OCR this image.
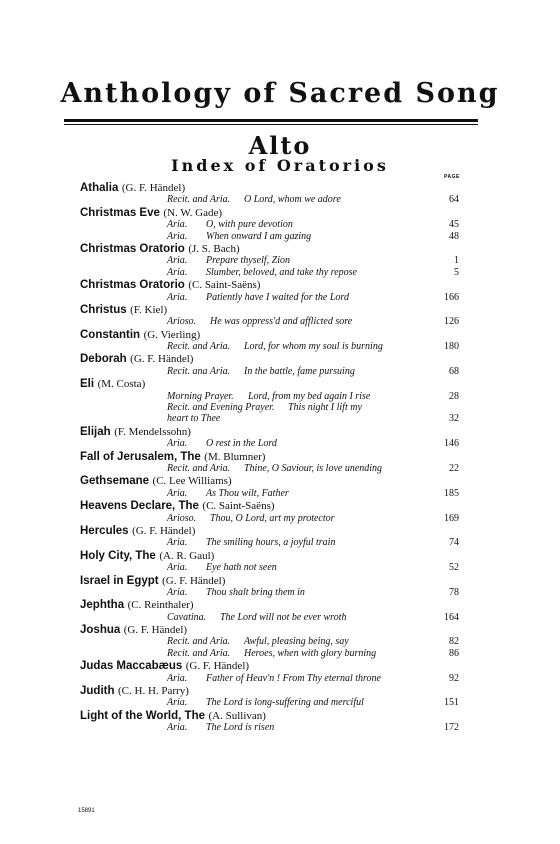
Anthology of Sacred Song
Alto
Index of Oratorios
PAGE
Athalia (G. F. Händel)
Recit. and Aria. O Lord, whom we adore	64
Christmas Eve (N. W. Gade)
Aria. O, with pure devotion	45
Aria. When onward I am gazing	48
Christmas Oratorio (J. S. Bach)
Aria. Prepare thyself, Zion	1
Aria. Slumber, beloved, and take thy repose	5
Christmas Oratorio (C. Saint-Saëns)
Aria. Patiently have I waited for the Lord	166
Christus (F. Kiel)
Arioso. He was oppress'd and afflicted sore	126
Constantin (G. Vierling)
Recit. and Aria. Lord, for whom my soul is burning	180
Deborah (G. F. Händel)
Recit. ana Aria. In the battle, fame pursuing	68
Eli (M. Costa)
Morning Prayer. Lord, from my bed again I rise	28
Recit. and Evening Prayer. This night I lift my
heart to Thee	32
Elijah (F. Mendelssohn)
Aria. O rest in the Lord	146
Fall of Jerusalem, The (M. Blumner)
Recit. and Aria. Thine, O Saviour, is love unending	22
Gethsemane (C. Lee Williams)
Aria. As Thou wilt, Father	185
Heavens Declare, The (C. Saint-Saëns)
Arioso. Thou, O Lord, art my protector	169
Hercules (G. F. Händel)
Aria. The smiling hours, a joyful train	74
Holy City, The (A. R. Gaul)
Aria. Eye hath not seen	52
Israel in Egypt (G. F. Händel)
Aria. Thou shalt bring them in	78
Jephtha (C. Reinthaler)
Cavatina. The Lord will not be ever wroth	164
Joshua (G. F. Händel)
Recit. and Aria. Awful, pleasing being, say	82
Recit. and Aria. Heroes, when with glory burning	86
Judas Maccabæus (G. F. Händel)
Aria. Father of Heav'n ! From Thy eternal throne	92
Judith (C. H. H. Parry)
Aria. The Lord is long-suffering and merciful	151
Light of the World, The (A. Sullivan)
Aria. The Lord is risen	172
15891
